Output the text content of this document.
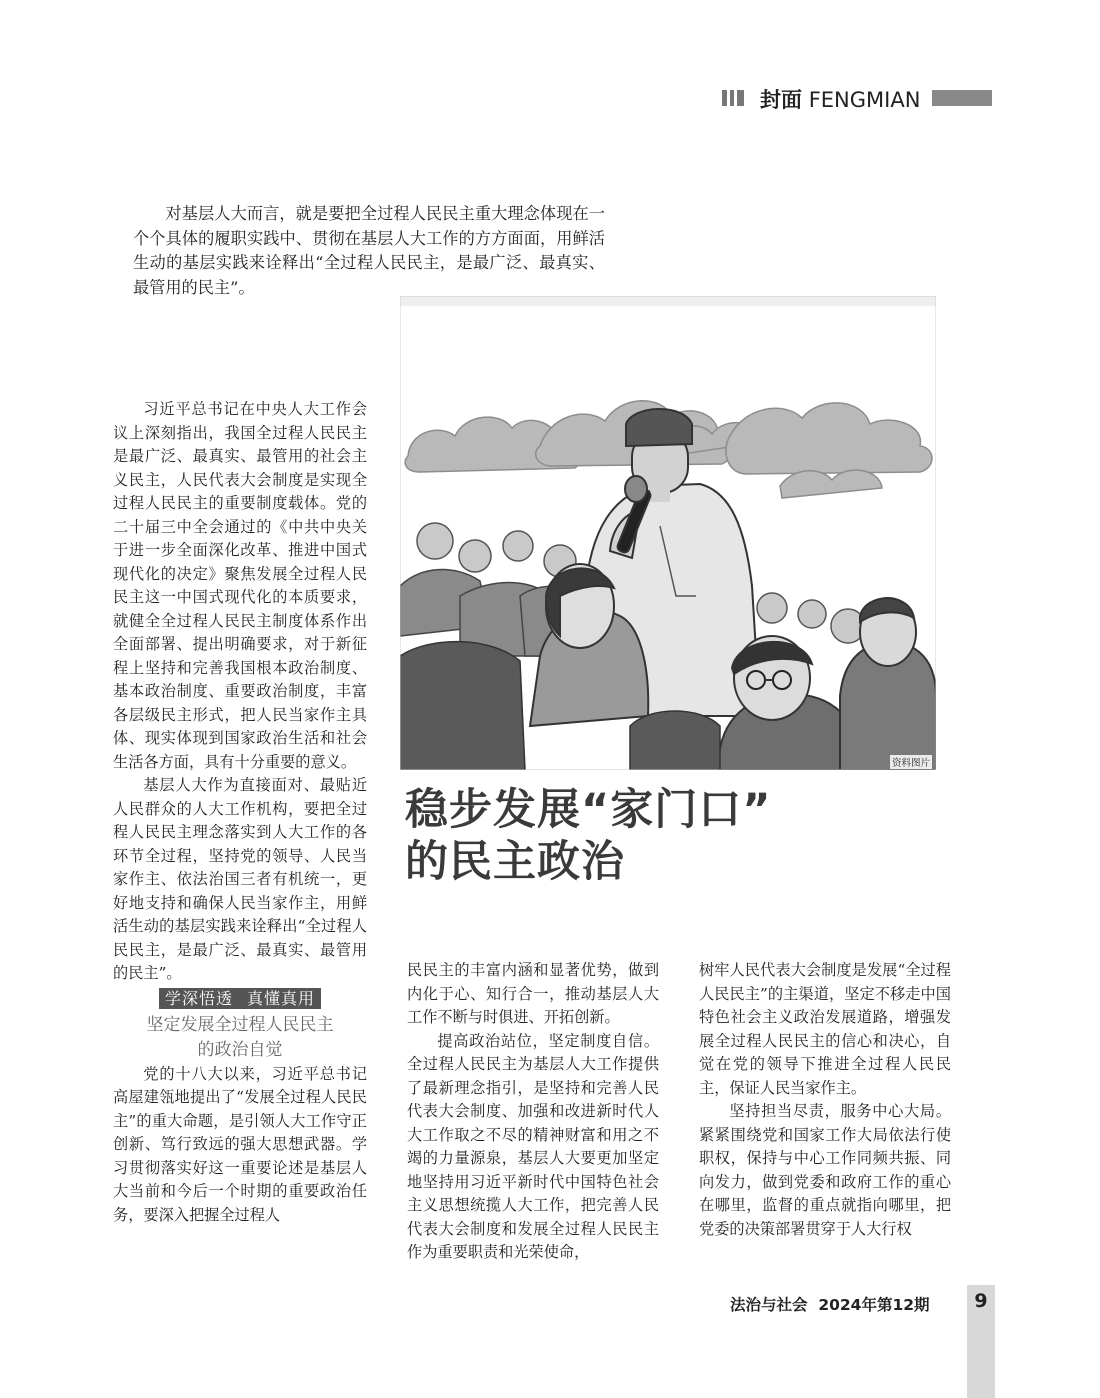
封面 FENGMIAN

对基层人大而言，就是要把全过程人民民主重大理念体现在一个个具体的履职实践中、贯彻在基层人大工作的方方面面，用鲜活生动的基层实践来诠释出“全过程人民民主，是最广泛、最真实、最管用的民主”。

资料图片
稳步发展“家门口”
的民主政治

习近平总书记在中央人大工作会议上深刻指出，我国全过程人民民主是最广泛、最真实、最管用的社会主义民主，人民代表大会制度是实现全过程人民民主的重要制度载体。党的二十届三中全会通过的《中共中央关于进一步全面深化改革、推进中国式现代化的决定》聚焦发展全过程人民民主这一中国式现代化的本质要求，就健全全过程人民民主制度体系作出全面部署、提出明确要求，对于新征程上坚持和完善我国根本政治制度、基本政治制度、重要政治制度，丰富各层级民主形式，把人民当家作主具体、现实体现到国家政治生活和社会生活各方面，具有十分重要的意义。

基层人大作为直接面对、最贴近人民群众的人大工作机构，要把全过程人民民主理念落实到人大工作的各环节全过程，坚持党的领导、人民当家作主、依法治国三者有机统一，更好地支持和确保人民当家作主，用鲜活生动的基层实践来诠释出“全过程人民民主，是最广泛、最真实、最管用的民主”。

学深悟透 真懂真用
坚定发展全过程人民民主
的政治自觉

党的十八大以来，习近平总书记高屋建瓴地提出了“发展全过程人民民主”的重大命题，是引领人大工作守正创新、笃行致远的强大思想武器。学习贯彻落实好这一重要论述是基层人大当前和今后一个时期的重要政治任务，要深入把握全过程人

民民主的丰富内涵和显著优势，做到内化于心、知行合一，推动基层人大工作不断与时俱进、开拓创新。

提高政治站位，坚定制度自信。全过程人民民主为基层人大工作提供了最新理念指引，是坚持和完善人民代表大会制度、加强和改进新时代人大工作取之不尽的精神财富和用之不竭的力量源泉，基层人大要更加坚定地坚持用习近平新时代中国特色社会主义思想统揽人大工作，把完善人民代表大会制度和发展全过程人民民主作为重要职责和光荣使命，

树牢人民代表大会制度是发展“全过程人民民主”的主渠道，坚定不移走中国特色社会主义政治发展道路，增强发展全过程人民民主的信心和决心，自觉在党的领导下推进全过程人民民主，保证人民当家作主。

坚持担当尽责，服务中心大局。紧紧围绕党和国家工作大局依法行使职权，保持与中心工作同频共振、同向发力，做到党委和政府工作的重心在哪里，监督的重点就指向哪里，把党委的决策部署贯穿于人大行权

法治与社会 2024年第12期	9
